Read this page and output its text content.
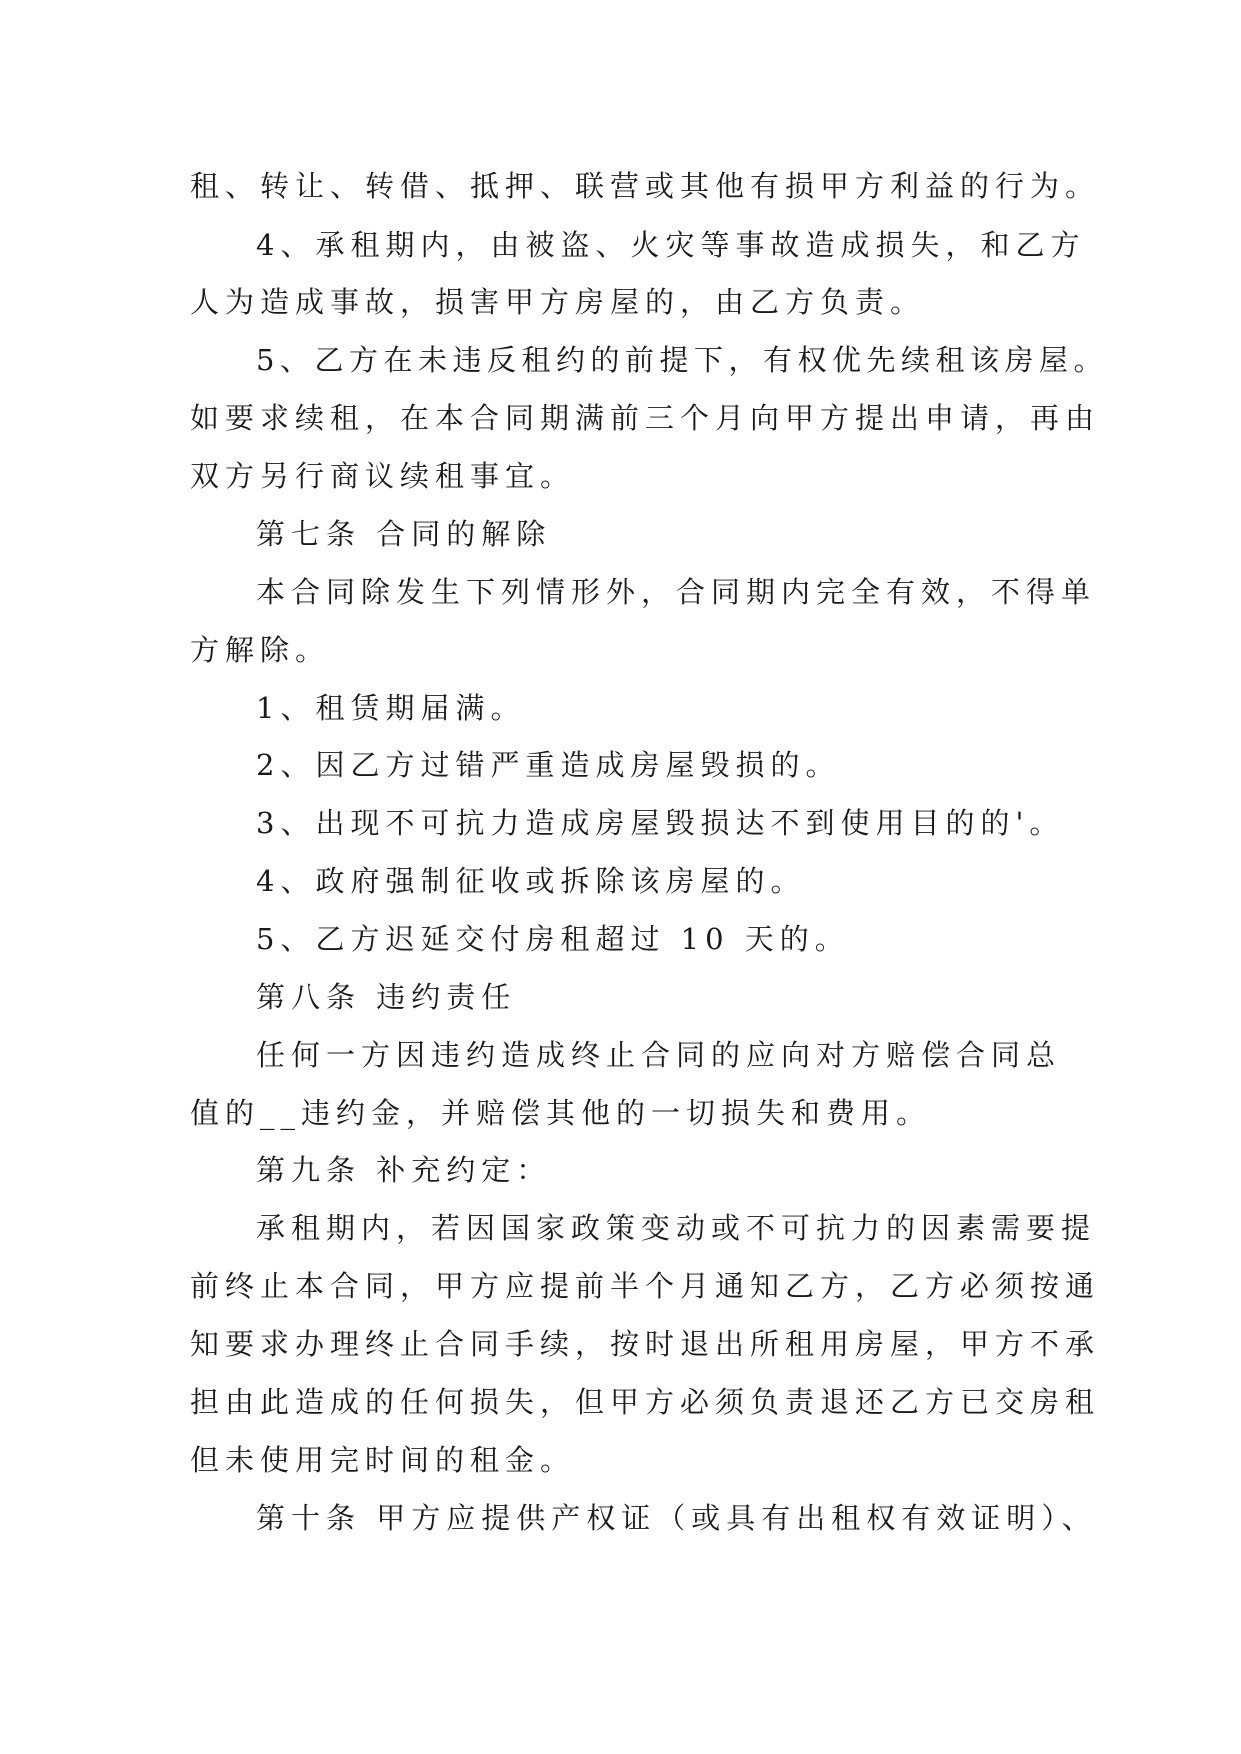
租、转让、转借、抵押、联营或其他有损甲方利益的行为。
4、承租期内，由被盗、火灾等事故造成损失，和乙方
人为造成事故，损害甲方房屋的，由乙方负责。
5、乙方在未违反租约的前提下，有权优先续租该房屋。
如要求续租，在本合同期满前三个月向甲方提出申请，再由
双方另行商议续租事宜。
第七条 合同的解除
本合同除发生下列情形外，合同期内完全有效，不得单
方解除。
1、租赁期届满。
2、因乙方过错严重造成房屋毁损的。
3、出现不可抗力造成房屋毁损达不到使用目的的'。
4、政府强制征收或拆除该房屋的。
5、乙方迟延交付房租超过 10 天的。
第八条 违约责任
任何一方因违约造成终止合同的应向对方赔偿合同总
值的__违约金，并赔偿其他的一切损失和费用。
第九条 补充约定：
承租期内，若因国家政策变动或不可抗力的因素需要提
前终止本合同，甲方应提前半个月通知乙方，乙方必须按通
知要求办理终止合同手续，按时退出所租用房屋，甲方不承
担由此造成的任何损失，但甲方必须负责退还乙方已交房租
但未使用完时间的租金。
第十条 甲方应提供产权证（或具有出租权有效证明）、
